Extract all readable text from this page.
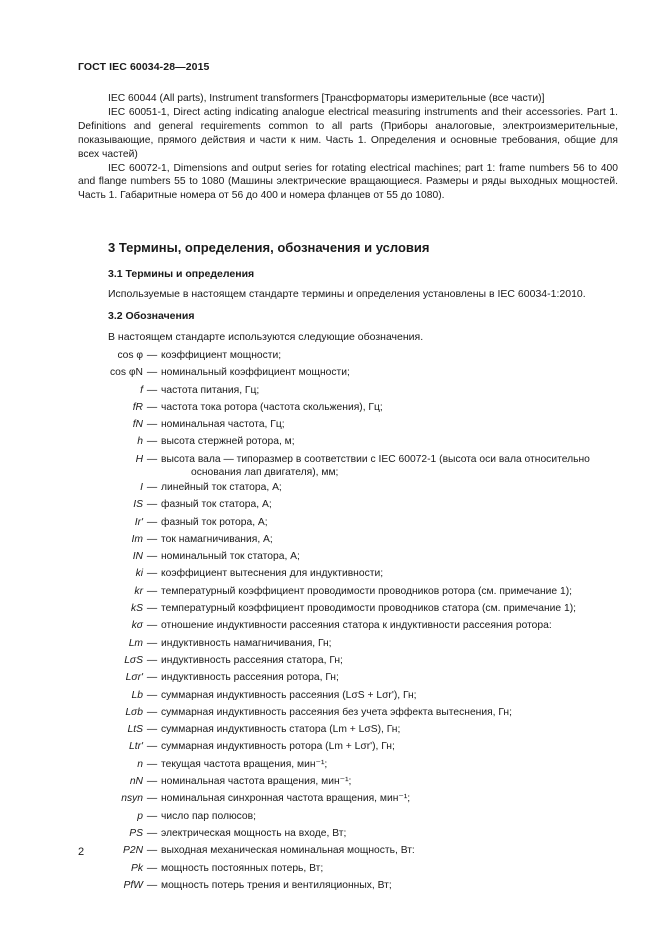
ГОСТ IEC 60034-28—2015

IEC 60044 (All parts), Instrument transformers [Трансформаторы измерительные (все части)]

IEC 60051-1, Direct acting indicating analogue electrical measuring instruments and their accessories. Part 1. Definitions and general requirements common to all parts (Приборы аналоговые, электроизмерительные, показывающие, прямого действия и части к ним. Часть 1. Определения и основные требования, общие для всех частей)

IEC 60072-1, Dimensions and output series for rotating electrical machines; part 1: frame numbers 56 to 400 and flange numbers 55 to 1080 (Машины электрические вращающиеся. Размеры и ряды выходных мощностей. Часть 1. Габаритные номера от 56 до 400 и номера фланцев от 55 до 1080).

3 Термины, определения, обозначения и условия
3.1 Термины и определения
Используемые в настоящем стандарте термины и определения установлены в IEC 60034-1:2010.
3.2 Обозначения
В настоящем стандарте используются следующие обозначения.
cos φ — коэффициент мощности;
cos φN — номинальный коэффициент мощности;
f — частота питания, Гц;
fR — частота тока ротора (частота скольжения), Гц;
fN — номинальная частота, Гц;
h — высота стержней ротора, м;
H — высота вала — типоразмер в соответствии с IEC 60072-1 (высота оси вала относительно
основания лап двигателя), мм;
I — линейный ток статора, А;
IS — фазный ток статора, А;
Ir' — фазный ток ротора, А;
Im — ток намагничивания, А;
IN — номинальный ток статора, А;
ki — коэффициент вытеснения для индуктивности;
kr — температурный коэффициент проводимости проводников ротора (см. примечание 1);
kS — температурный коэффициент проводимости проводников статора (см. примечание 1);
kσ — отношение индуктивности рассеяния статора к индуктивности рассеяния ротора:
Lm — индуктивность намагничивания, Гн;
LσS — индуктивность рассеяния статора, Гн;
Lσr' — индуктивность рассеяния ротора, Гн;
Lb — суммарная индуктивность рассеяния (LσS + Lσr'), Гн;
Lσb — суммарная индуктивность рассеяния без учета эффекта вытеснения, Гн;
LtS — суммарная индуктивность статора (Lm + LσS), Гн;
Ltr' — суммарная индуктивность ротора (Lm + Lσr'), Гн;
n — текущая частота вращения, мин⁻¹;
nN — номинальная частота вращения, мин⁻¹;
nsyn — номинальная синхронная частота вращения, мин⁻¹;
p — число пар полюсов;
PS — электрическая мощность на входе, Вт;
P2N — выходная механическая номинальная мощность, Вт:
Pk — мощность постоянных потерь, Вт;
PfW — мощность потерь трения и вентиляционных, Вт;
2
